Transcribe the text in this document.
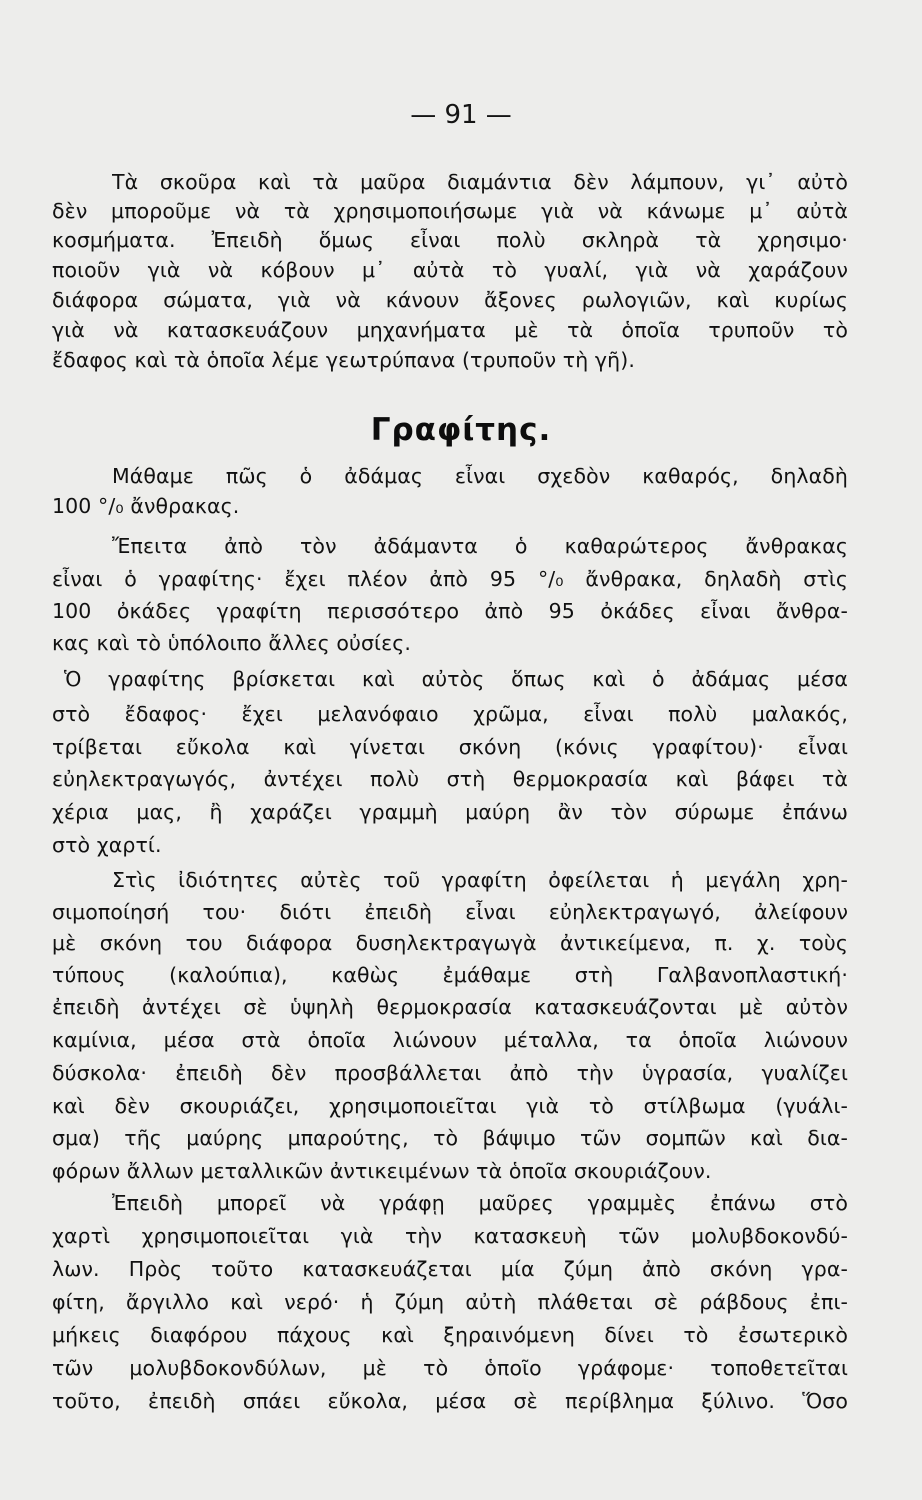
— 91 —
Τὰ σκοῦρα καὶ τὰ μαῦρα διαμάντια δὲν λάμπουν, γι᾽ αὐτὸ
δὲν μποροῦμε νὰ τὰ χρησιμοποιήσωμε γιὰ νὰ κάνωμε μ᾽ αὐτὰ
κοσμήματα. Ἐπειδὴ ὅμως εἶναι πολὺ σκληρὰ τὰ χρησιμο·
ποιοῦν γιὰ νὰ κόβουν μ᾽ αὐτὰ τὸ γυαλί, γιὰ νὰ χαράζουν
διάφορα σώματα, γιὰ νὰ κάνουν ἄξονες ρωλογιῶν, καὶ κυρίως
γιὰ νὰ κατασκευάζουν μηχανήματα μὲ τὰ ὁποῖα τρυποῦν τὸ
ἔδαφος καὶ τὰ ὁποῖα λέμε γεωτρύπανα (τρυποῦν τὴ γῆ).
Γραφίτης.
Μάθαμε πῶς ὁ ἀδάμας εἶναι σχεδὸν καθαρός, δηλαδὴ
100 °/₀ ἄνθρακας.
Ἔπειτα ἀπὸ τὸν ἀδάμαντα ὁ καθαρώτερος ἄνθρακας
εἶναι ὁ γραφίτης· ἔχει πλέον ἀπὸ 95 °/₀ ἄνθρακα, δηλαδὴ στὶς
100 ὀκάδες γραφίτη περισσότερο ἀπὸ 95 ὀκάδες εἶναι ἄνθρα-
κας καὶ τὸ ὑπόλοιπο ἄλλες οὐσίες.
Ὁ γραφίτης βρίσκεται καὶ αὐτὸς ὅπως καὶ ὁ ἀδάμας μέσα
στὸ ἔδαφος· ἔχει μελανόφαιο χρῶμα, εἶναι πολὺ μαλακός,
τρίβεται εὔκολα καὶ γίνεται σκόνη (κόνις γραφίτου)· εἶναι
εὐηλεκτραγωγός, ἀντέχει πολὺ στὴ θερμοκρασία καὶ βάφει τὰ
χέρια μας, ἢ χαράζει γραμμὴ μαύρη ἂν τὸν σύρωμε ἐπάνω
στὸ χαρτί.
Στὶς ἰδιότητες αὐτὲς τοῦ γραφίτη ὀφείλεται ἡ μεγάλη χρη-
σιμοποίησή του· διότι ἐπειδὴ εἶναι εὐηλεκτραγωγό, ἀλείφουν
μὲ σκόνη του διάφορα δυσηλεκτραγωγὰ ἀντικείμενα, π. χ. τοὺς
τύπους (καλούπια), καθὼς ἐμάθαμε στὴ Γαλβανοπλαστική·
ἐπειδὴ ἀντέχει σὲ ὑψηλὴ θερμοκρασία κατασκευάζονται μὲ αὐτὸν
καμίνια, μέσα στὰ ὁποῖα λιώνουν μέταλλα, τα ὁποῖα λιώνουν
δύσκολα· ἐπειδὴ δὲν προσβάλλεται ἀπὸ τὴν ὑγρασία, γυαλίζει
καὶ δὲν σκουριάζει, χρησιμοποιεῖται γιὰ τὸ στίλβωμα (γυάλι-
σμα) τῆς μαύρης μπαρούτης, τὸ βάψιμο τῶν σομπῶν καὶ δια-
φόρων ἄλλων μεταλλικῶν ἀντικειμένων τὰ ὁποῖα σκουριάζουν.
Ἐπειδὴ μπορεῖ νὰ γράφῃ μαῦρες γραμμὲς ἐπάνω στὸ
χαρτὶ χρησιμοποιεῖται γιὰ τὴν κατασκευὴ τῶν μολυβδοκονδύ-
λων. Πρὸς τοῦτο κατασκευάζεται μία ζύμη ἀπὸ σκόνη γρα-
φίτη, ἄργιλλο καὶ νερό· ἡ ζύμη αὐτὴ πλάθεται σὲ ράβδους ἐπι-
μήκεις διαφόρου πάχους καὶ ξηραινόμενη δίνει τὸ ἐσωτερικὸ
τῶν μολυβδοκονδύλων, μὲ τὸ ὁποῖο γράφομε· τοποθετεῖται
τοῦτο, ἐπειδὴ σπάει εὔκολα, μέσα σὲ περίβλημα ξύλινο. Ὅσο
